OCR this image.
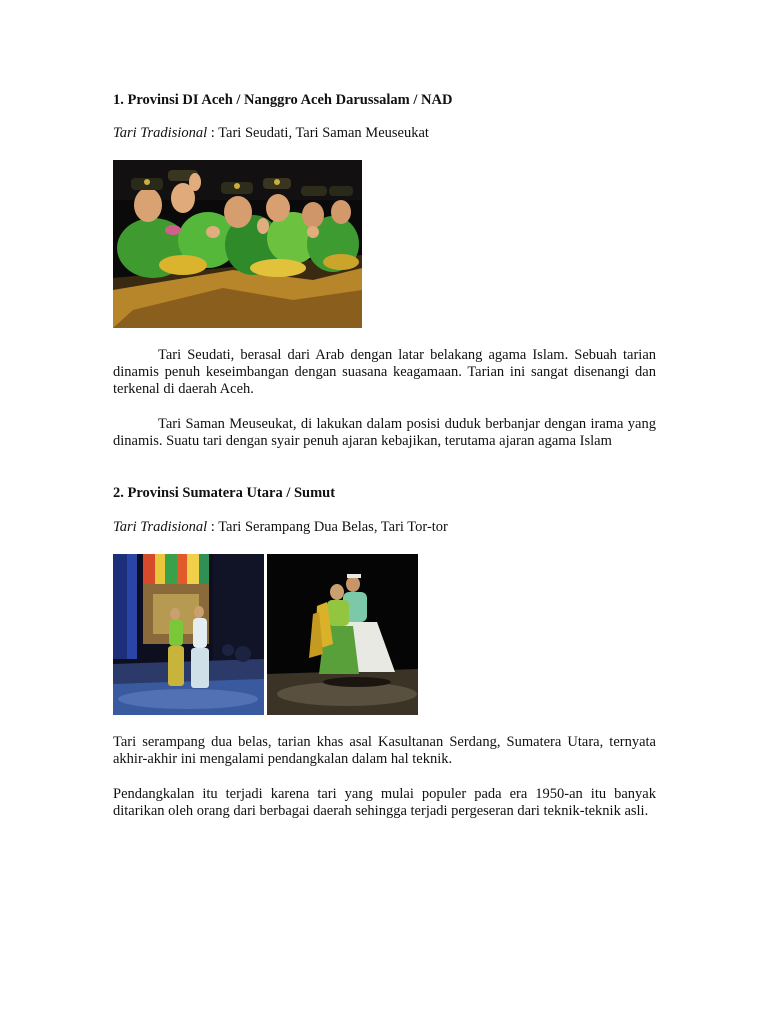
1. Provinsi DI Aceh / Nanggro Aceh Darussalam / NAD
Tari Tradisional : Tari Seudati, Tari Saman Meuseukat
Tari Seudati, berasal dari Arab dengan latar belakang agama Islam. Sebuah tarian dinamis penuh keseimbangan dengan suasana keagamaan. Tarian ini sangat disenangi dan terkenal di daerah Aceh.
Tari Saman Meuseukat, di lakukan dalam posisi duduk berbanjar dengan irama yang dinamis. Suatu tari dengan syair penuh ajaran kebajikan, terutama ajaran agama Islam
2. Provinsi Sumatera Utara / Sumut
Tari Tradisional : Tari Serampang Dua Belas, Tari Tor-tor
Tari serampang dua belas, tarian khas asal Kasultanan Serdang, Sumatera Utara, ternyata akhir-akhir ini mengalami pendangkalan dalam hal teknik.
Pendangkalan itu terjadi karena tari yang mulai populer pada era 1950-an itu banyak ditarikan oleh orang dari berbagai daerah sehingga terjadi pergeseran dari teknik-teknik asli.
